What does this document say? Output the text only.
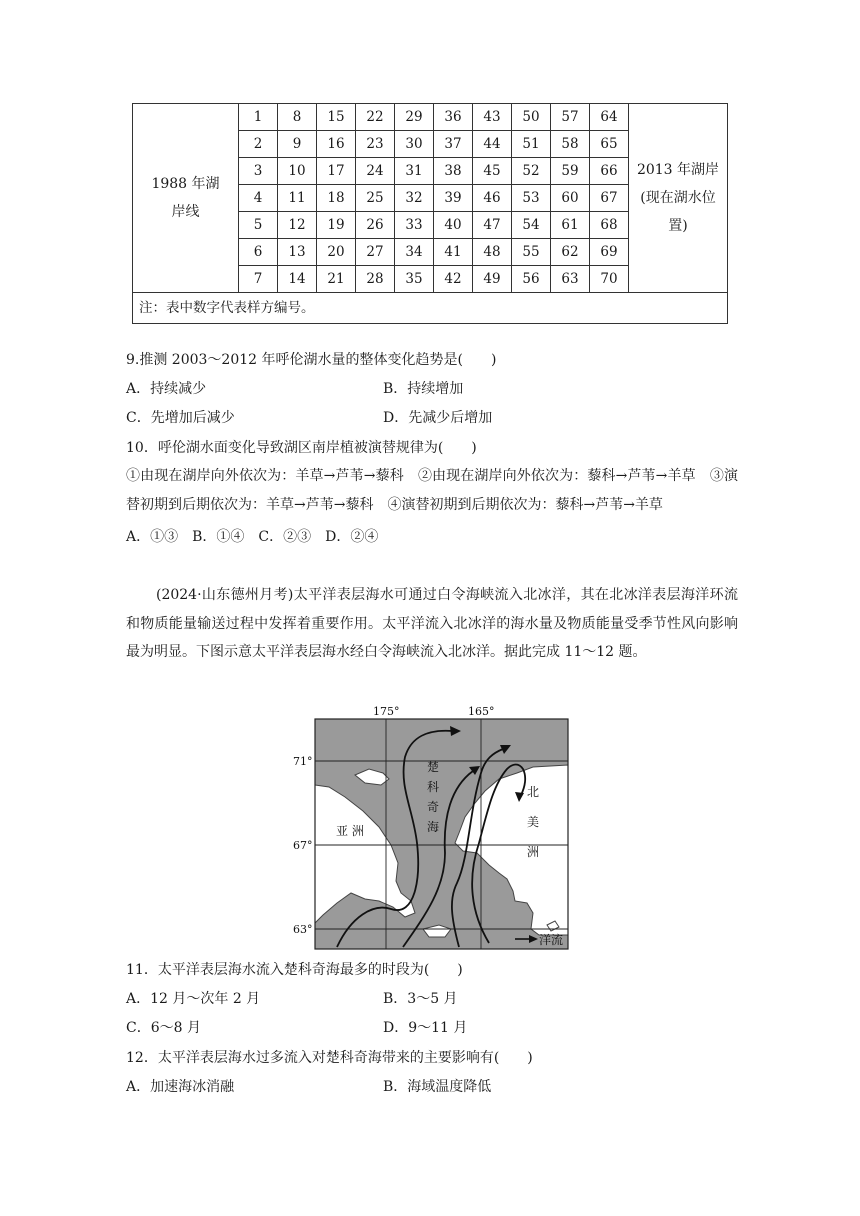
1988 年湖岸线	1	8	15	22	29	36	43	50	57	64	2013 年湖岸(现在湖水位置)
	2	9	16	23	30	37	44	51	58	65	
	3	10	17	24	31	38	45	52	59	66	
	4	11	18	25	32	39	46	53	60	67	
	5	12	19	26	33	40	47	54	61	68	
	6	13	20	27	34	41	48	55	62	69	
	7	14	21	28	35	42	49	56	63	70	
注：表中数字代表样方编号。											
9.推测 2003～2012 年呼伦湖水量的整体变化趋势是(　　)
A．持续减少	B．持续增加
C．先增加后减少	D．先减少后增加
10．呼伦湖水面变化导致湖区南岸植被演替规律为(　　)
①由现在湖岸向外依次为：羊草→芦苇→藜科　②由现在湖岸向外依次为：藜科→芦苇→羊草　③演替初期到后期依次为：羊草→芦苇→藜科　④演替初期到后期依次为：藜科→芦苇→羊草
A．①③　B．①④　C．②③　D．②④
(2024·山东德州月考)太平洋表层海水可通过白令海峡流入北冰洋，其在北冰洋表层海洋环流和物质能量输送过程中发挥着重要作用。太平洋流入北冰洋的海水量及物质能量受季节性风向影响最为明显。下图示意太平洋表层海水经白令海峡流入北冰洋。据此完成 11～12 题。
洋流
175°	165°
71°
67°
63°
亚 洲
楚
科
奇
海
北
美
洲
11．太平洋表层海水流入楚科奇海最多的时段为(　　)
A．12 月～次年 2 月	B．3～5 月
C．6～8 月	D．9～11 月
12．太平洋表层海水过多流入对楚科奇海带来的主要影响有(　　)
A．加速海冰消融	B．海域温度降低
